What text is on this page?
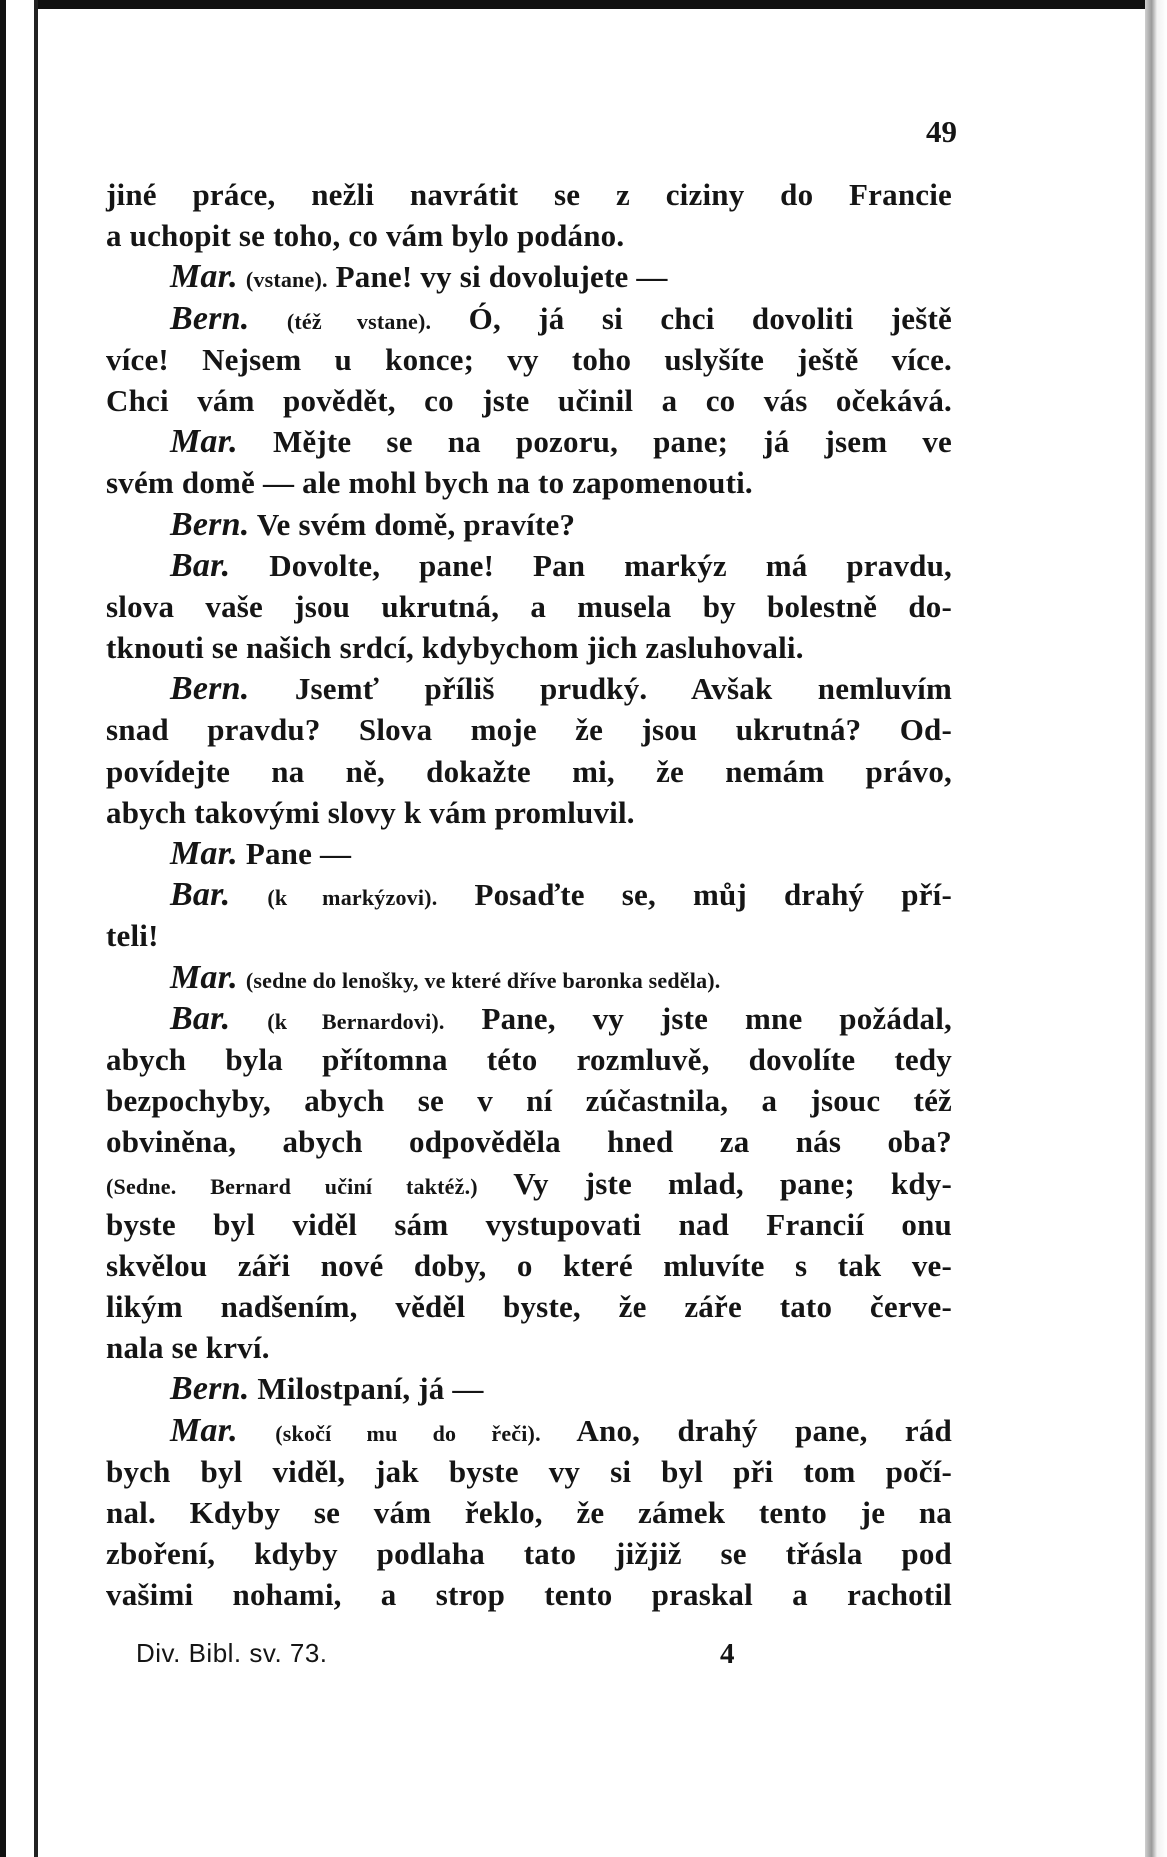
49
jiné práce, nežli navrátit se z ciziny do Francie
a uchopit se toho, co vám bylo podáno.
Mar. (vstane). Pane! vy si dovolujete —
Bern. (též vstane). Ó, já si chci dovoliti ještě
více! Nejsem u konce; vy toho uslyšíte ještě více.
Chci vám povědět, co jste učinil a co vás očekává.
Mar. Mějte se na pozoru, pane; já jsem ve
svém domě — ale mohl bych na to zapomenouti.
Bern. Ve svém domě, pravíte?
Bar. Dovolte, pane! Pan markýz má pravdu,
slova vaše jsou ukrutná, a musela by bolestně do-
tknouti se našich srdcí, kdybychom jich zasluhovali.
Bern. Jsemť příliš prudký. Avšak nemluvím
snad pravdu? Slova moje že jsou ukrutná? Od-
povídejte na ně, dokažte mi, že nemám právo,
abych takovými slovy k vám promluvil.
Mar. Pane —
Bar. (k markýzovi). Posaďte se, můj drahý pří-
teli!
Mar. (sedne do lenošky, ve které dříve baronka seděla).
Bar. (k Bernardovi). Pane, vy jste mne požádal,
abych byla přítomna této rozmluvě, dovolíte tedy
bezpochyby, abych se v ní zúčastnila, a jsouc též
obviněna, abych odpověděla hned za nás oba?
(Sedne. Bernard učiní taktéž.) Vy jste mlad, pane; kdy-
byste byl viděl sám vystupovati nad Francií onu
skvělou záři nové doby, o které mluvíte s tak ve-
likým nadšením, věděl byste, že záře tato červe-
nala se krví.
Bern. Milostpaní, já —
Mar. (skočí mu do řeči). Ano, drahý pane, rád
bych byl viděl, jak byste vy si byl při tom počí-
nal. Kdyby se vám řeklo, že zámek tento je na
zboření, kdyby podlaha tato jižjiž se třásla pod
vašimi nohami, a strop tento praskal a rachotil
Div. Bibl. sv. 73.	4
